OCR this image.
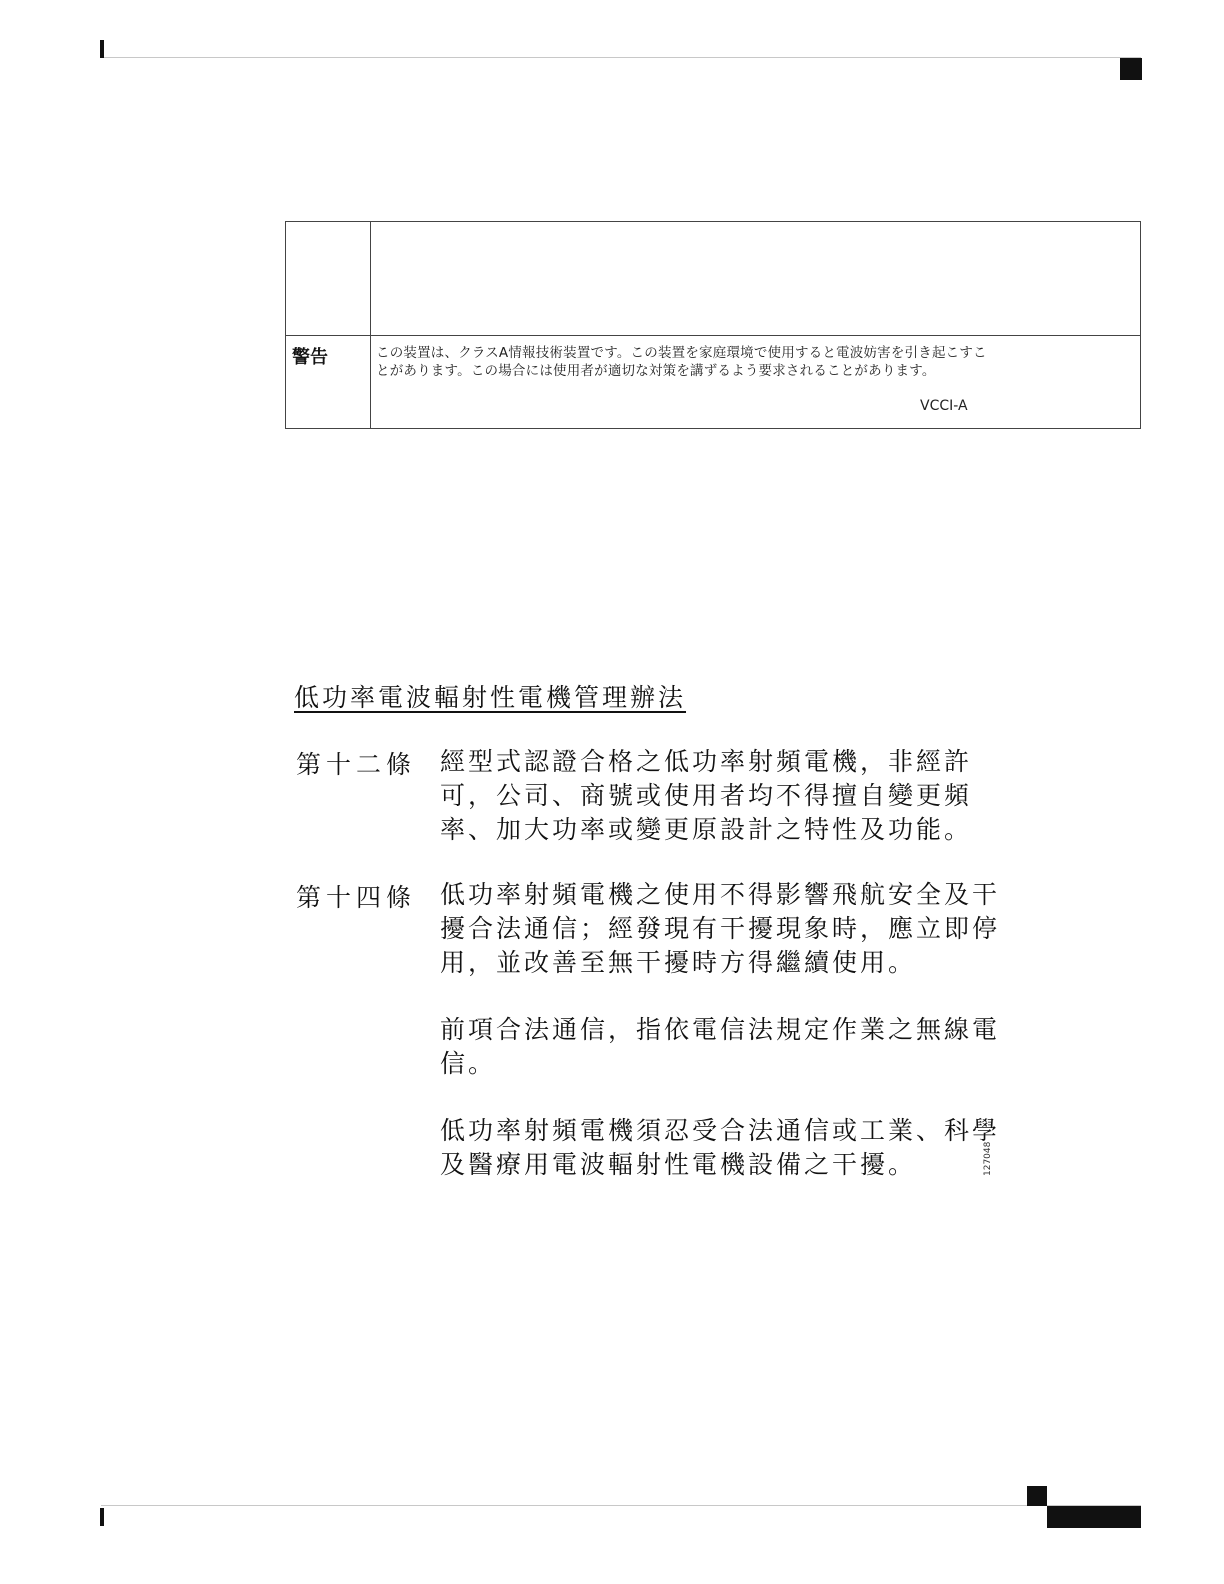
警告	この装置は、クラスA情報技術装置です。この装置を家庭環境で使用すると電波妨害を引き起こすことがあります。この場合には使用者が適切な対策を講ずるよう要求されることがあります。

VCCI-A
低功率電波輻射性電機管理辦法
第十二條 經型式認證合格之低功率射頻電機，非經許可，公司、商號或使用者均不得擅自變更頻率、加大功率或變更原設計之特性及功能。

第十四條 低功率射頻電機之使用不得影響飛航安全及干擾合法通信；經發現有干擾現象時，應立即停用，並改善至無干擾時方得繼續使用。

前項合法通信，指依電信法規定作業之無線電信。

低功率射頻電機須忍受合法通信或工業、科學及醫療用電波輻射性電機設備之干擾。	127048
